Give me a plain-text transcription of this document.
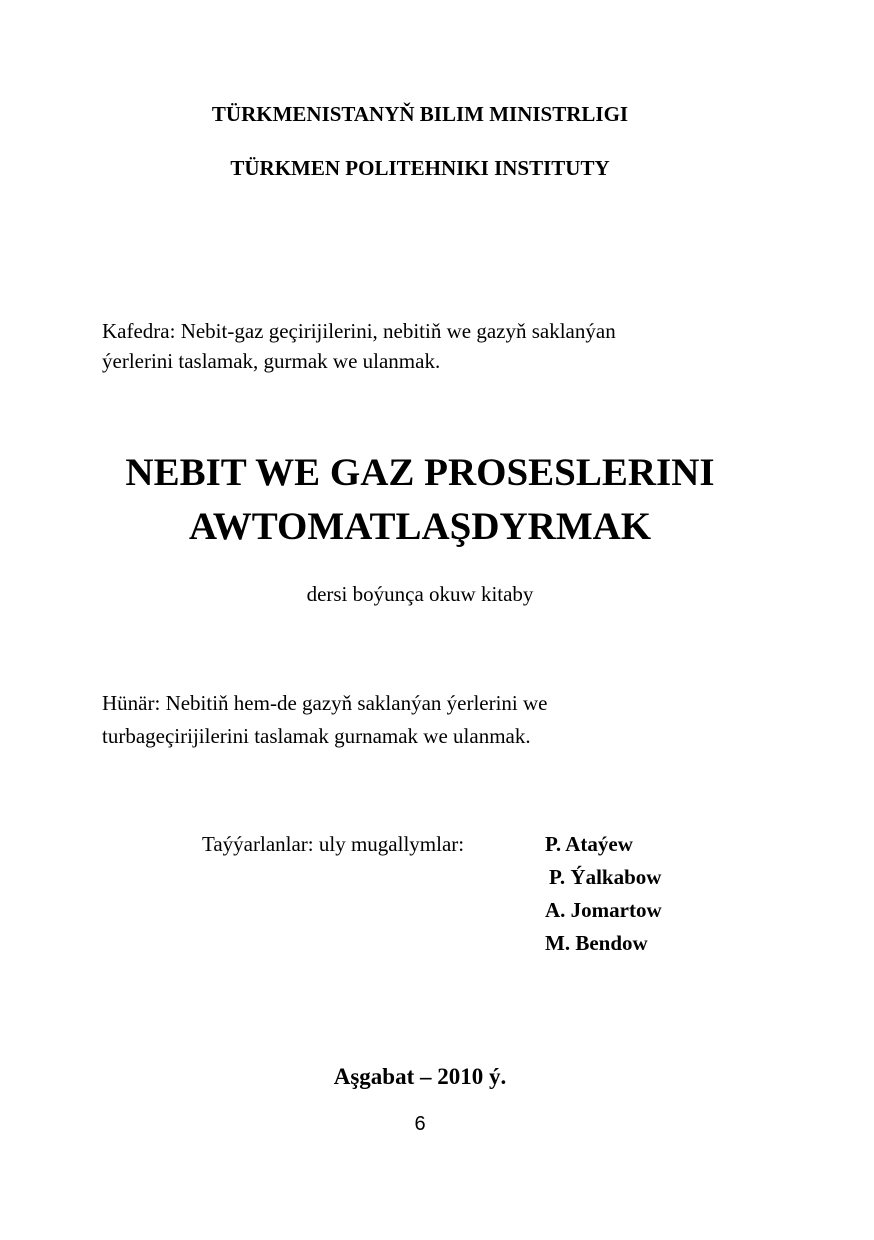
TÜRKMENISTANYŇ BILIM MINISTRLIGI
TÜRKMEN POLITEHNIKI INSTITUTY
Kafedra: Nebit-gaz geçirijilerini, nebitiň we gazyň saklanýan
ýerlerini taslamak, gurmak we ulanmak.
NEBIT WE GAZ PROSESLERINI
AWTOMATLAŞDYRMAK
dersi boýunça okuw kitaby
Hünär: Nebitiň hem-de gazyň saklanýan ýerlerini we
turbageçirijilerini taslamak gurnamak we ulanmak.
Taýýarlanlar: uly mugallymlar:	P. Ataýew
P. Ýalkabow
A. Jomartow
M. Bendow
Aşgabat – 2010 ý.
6
